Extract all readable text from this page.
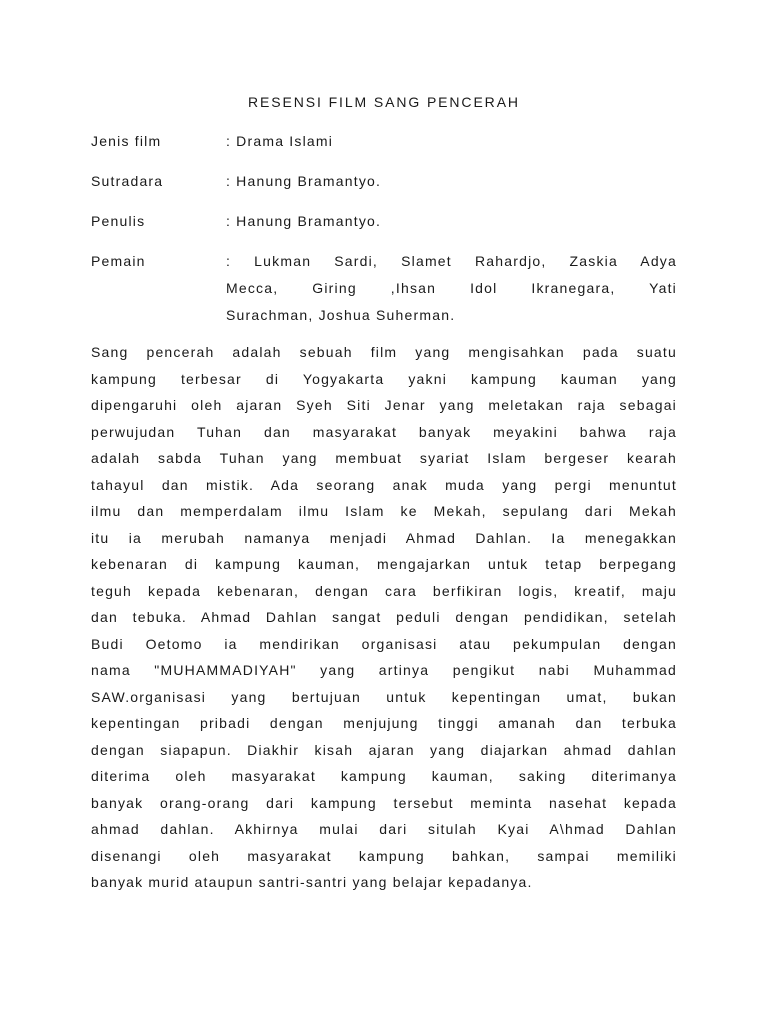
RESENSI FILM SANG PENCERAH
Jenis film	: Drama Islami
Sutradara	: Hanung Bramantyo.
Penulis	: Hanung Bramantyo.
Pemain	: Lukman Sardi, Slamet Rahardjo, Zaskia Adya
Mecca, Giring ,Ihsan Idol Ikranegara, Yati
Surachman, Joshua Suherman.
Sang pencerah adalah sebuah film yang mengisahkan pada suatu
kampung terbesar di Yogyakarta yakni kampung kauman yang
dipengaruhi oleh ajaran Syeh Siti Jenar yang meletakan raja sebagai
perwujudan Tuhan dan masyarakat banyak meyakini bahwa raja
adalah sabda Tuhan yang membuat syariat Islam bergeser kearah
tahayul dan mistik. Ada seorang anak muda yang pergi menuntut
ilmu dan memperdalam ilmu Islam ke Mekah, sepulang dari Mekah
itu ia merubah namanya menjadi Ahmad Dahlan. Ia menegakkan
kebenaran di kampung kauman, mengajarkan untuk tetap berpegang
teguh kepada kebenaran, dengan cara berfikiran logis, kreatif, maju
dan tebuka. Ahmad Dahlan sangat peduli dengan pendidikan, setelah
Budi Oetomo ia mendirikan organisasi atau pekumpulan dengan
nama "MUHAMMADIYAH" yang artinya pengikut nabi Muhammad
SAW.organisasi yang bertujuan untuk kepentingan umat, bukan
kepentingan pribadi dengan menjujung tinggi amanah dan terbuka
dengan siapapun. Diakhir kisah ajaran yang diajarkan ahmad dahlan
diterima oleh masyarakat kampung kauman, saking diterimanya
banyak orang-orang dari kampung tersebut meminta nasehat kepada
ahmad dahlan. Akhirnya mulai dari situlah Kyai A\hmad Dahlan
disenangi oleh masyarakat kampung bahkan, sampai memiliki
banyak murid ataupun santri-santri yang belajar kepadanya.
